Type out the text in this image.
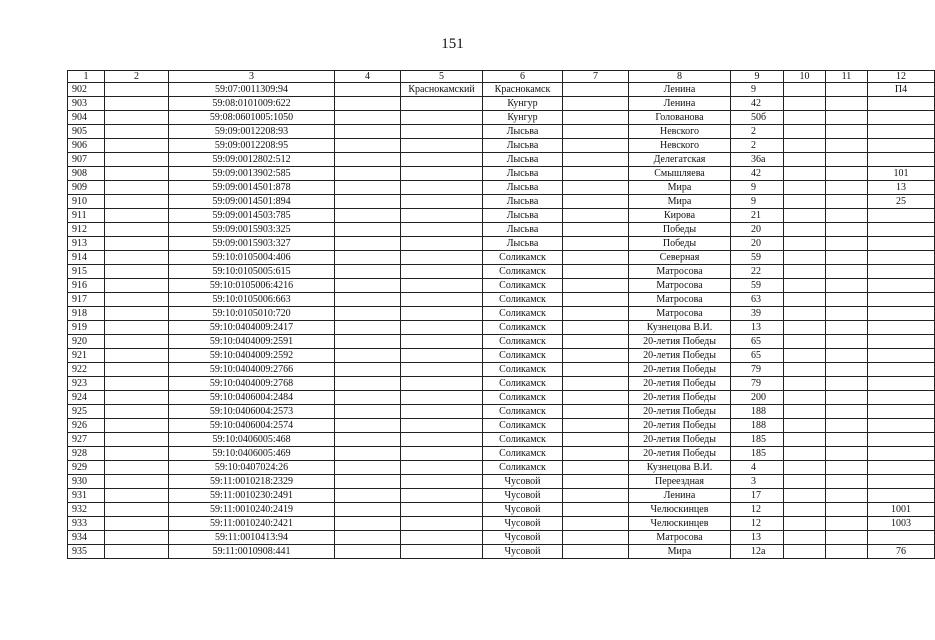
151
1	2	3	4	5	6	7	8	9	10	11	12
902		59:07:0011309:94		Краснокамский	Краснокамск		Ленина	9			П4
903		59:08:0101009:622			Кунгур		Ленина	42			
904		59:08:0601005:1050			Кунгур		Голованова	50б			
905		59:09:0012208:93			Лысьва		Невского	2			
906		59:09:0012208:95			Лысьва		Невского	2			
907		59:09:0012802:512			Лысьва		Делегатская	36а			
908		59:09:0013902:585			Лысьва		Смышляева	42			101
909		59:09:0014501:878			Лысьва		Мира	9			13
910		59:09:0014501:894			Лысьва		Мира	9			25
911		59:09:0014503:785			Лысьва		Кирова	21			
912		59:09:0015903:325			Лысьва		Победы	20			
913		59:09:0015903:327			Лысьва		Победы	20			
914		59:10:0105004:406			Соликамск		Северная	59			
915		59:10:0105005:615			Соликамск		Матросова	22			
916		59:10:0105006:4216			Соликамск		Матросова	59			
917		59:10:0105006:663			Соликамск		Матросова	63			
918		59:10:0105010:720			Соликамск		Матросова	39			
919		59:10:0404009:2417			Соликамск		Кузнецова В.И.	13			
920		59:10:0404009:2591			Соликамск		20-летия Победы	65			
921		59:10:0404009:2592			Соликамск		20-летия Победы	65			
922		59:10:0404009:2766			Соликамск		20-летия Победы	79			
923		59:10:0404009:2768			Соликамск		20-летия Победы	79			
924		59:10:0406004:2484			Соликамск		20-летия Победы	200			
925		59:10:0406004:2573			Соликамск		20-летия Победы	188			
926		59:10:0406004:2574			Соликамск		20-летия Победы	188			
927		59:10:0406005:468			Соликамск		20-летия Победы	185			
928		59:10:0406005:469			Соликамск		20-летия Победы	185			
929		59:10:0407024:26			Соликамск		Кузнецова В.И.	4			
930		59:11:0010218:2329			Чусовой		Переездная	3			
931		59:11:0010230:2491			Чусовой		Ленина	17			
932		59:11:0010240:2419			Чусовой		Челюскинцев	12			1001
933		59:11:0010240:2421			Чусовой		Челюскинцев	12			1003
934		59:11:0010413:94			Чусовой		Матросова	13			
935		59:11:0010908:441			Чусовой		Мира	12а			76
